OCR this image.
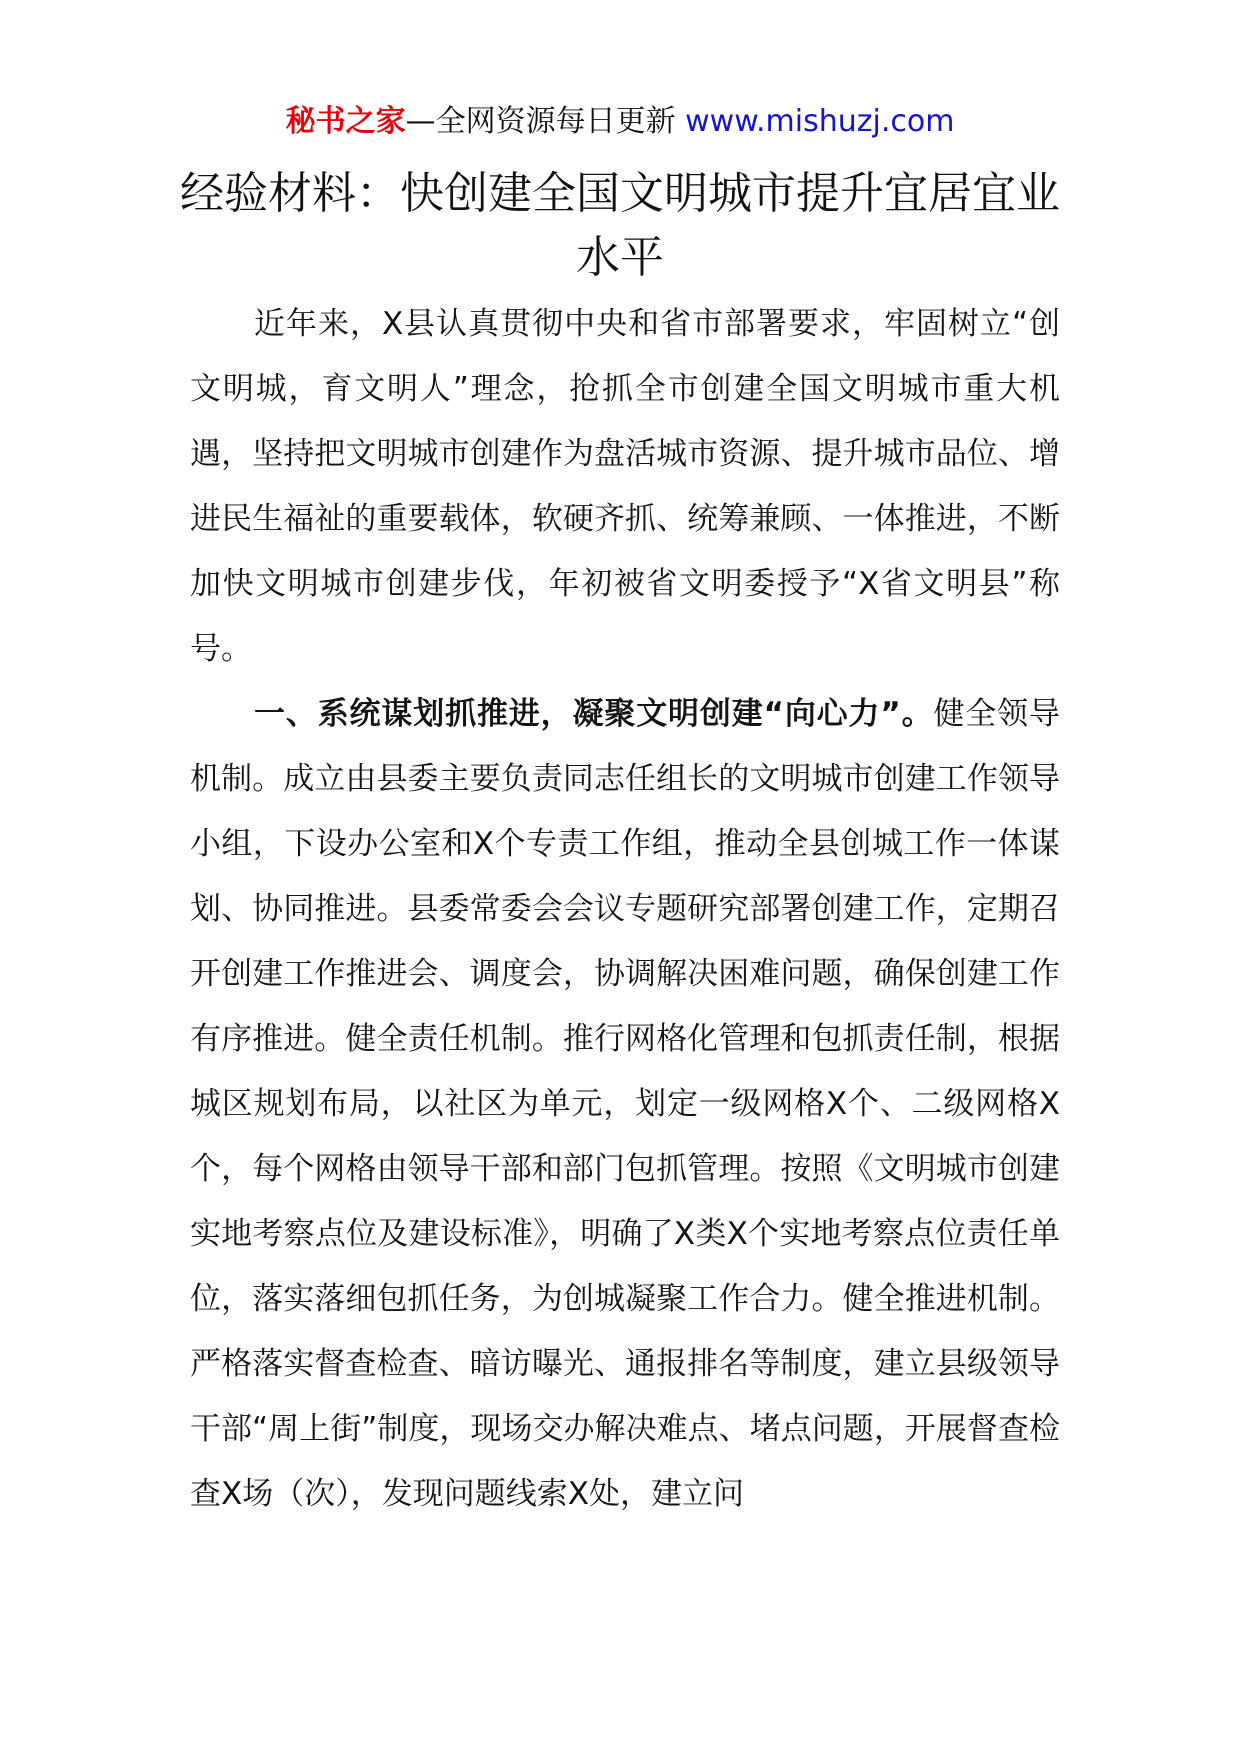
秘书之家—全网资源每日更新 www.mishuzj.com
经验材料：快创建全国文明城市提升宜居宜业水平

近年来，X县认真贯彻中央和省市部署要求，牢固树立“创文明城，育文明人”理念，抢抓全市创建全国文明城市重大机遇，坚持把文明城市创建作为盘活城市资源、提升城市品位、增进民生福祉的重要载体，软硬齐抓、统筹兼顾、一体推进，不断加快文明城市创建步伐，年初被省文明委授予“X省文明县”称号。

一、系统谋划抓推进，凝聚文明创建“向心力”。健全领导机制。成立由县委主要负责同志任组长的文明城市创建工作领导小组，下设办公室和X个专责工作组，推动全县创城工作一体谋划、协同推进。县委常委会会议专题研究部署创建工作，定期召开创建工作推进会、调度会，协调解决困难问题，确保创建工作有序推进。健全责任机制。推行网格化管理和包抓责任制，根据城区规划布局，以社区为单元，划定一级网格X个、二级网格X个，每个网格由领导干部和部门包抓管理。按照《文明城市创建实地考察点位及建设标准》，明确了X类X个实地考察点位责任单位，落实落细包抓任务，为创城凝聚工作合力。健全推进机制。严格落实督查检查、暗访曝光、通报排名等制度，建立县级领导干部“周上街”制度，现场交办解决难点、堵点问题，开展督查检查X场（次），发现问题线索X处，建立问
